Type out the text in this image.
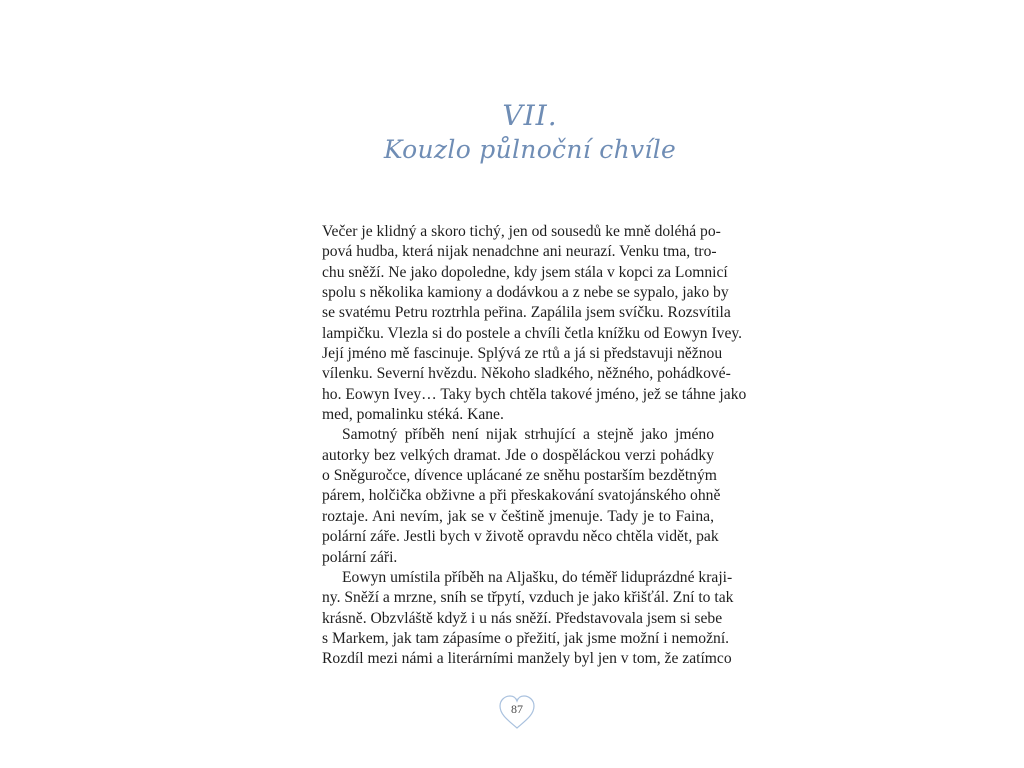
VII.
Kouzlo půlnoční chvíle
Večer je klidný a skoro tichý, jen od sousedů ke mně doléhá po-
pová hudba, která nijak nenadchne ani neurazí. Venku tma, tro-
chu sněží. Ne jako dopoledne, kdy jsem stála v kopci za Lomnicí
spolu s několika kamiony a dodávkou a z nebe se sypalo, jako by
se svatému Petru roztrhla peřina. Zapálila jsem svíčku. Rozsvítila
lampičku. Vlezla si do postele a chvíli četla knížku od Eowyn Ivey.
Její jméno mě fascinuje. Splývá ze rtů a já si představuji něžnou
vílenku. Severní hvězdu. Někoho sladkého, něžného, pohádkové-
ho. Eowyn Ivey… Taky bych chtěla takové jméno, jež se táhne jako
med, pomalinku stéká. Kane.
Samotný příběh není nijak strhující a stejně jako jméno
autorky bez velkých dramat. Jde o dospěláckou verzi pohádky
o Sněguročce, dívence uplácané ze sněhu postarším bezdětným
párem, holčička obživne a při přeskakování svatojánského ohně
roztaje. Ani nevím, jak se v češtině jmenuje. Tady je to Faina,
polární záře. Jestli bych v životě opravdu něco chtěla vidět, pak
polární záři.
Eowyn umístila příběh na Aljašku, do téměř liduprázdné kraji-
ny. Sněží a mrzne, sníh se třpytí, vzduch je jako křišťál. Zní to tak
krásně. Obzvláště když i u nás sněží. Představovala jsem si sebe
s Markem, jak tam zápasíme o přežití, jak jsme možní i nemožní.
Rozdíl mezi námi a literárními manžely byl jen v tom, že zatímco
87
